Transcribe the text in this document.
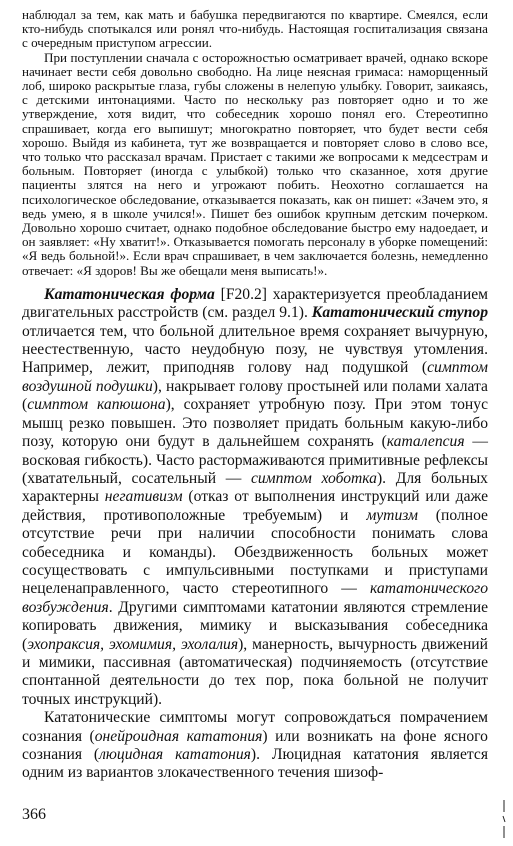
наблюдал за тем, как мать и бабушка передвигаются по квартире. Смеялся, если кто-нибудь спотыкался или ронял что-нибудь. Настоящая госпитализация связана с очередным приступом агрессии.

При поступлении сначала с осторожностью осматривает врачей, однако вскоре начинает вести себя довольно свободно. На лице неясная гримаса: наморщенный лоб, широко раскрытые глаза, губы сложены в нелепую улыбку. Говорит, заикаясь, с детскими интонациями. Часто по нескольку раз повторяет одно и то же утверждение, хотя видит, что собеседник хорошо понял его. Стереотипно спрашивает, когда его выпишут; многократно повторяет, что будет вести себя хорошо. Выйдя из кабинета, тут же возвращается и повторяет слово в слово все, что только что рассказал врачам. Пристает с такими же вопросами к медсестрам и больным. Повторяет (иногда с улыбкой) только что сказанное, хотя другие пациенты злятся на него и угрожают побить. Неохотно соглашается на психологическое обследование, отказывается показать, как он пишет: «Зачем это, я ведь умею, я в школе учился!». Пишет без ошибок крупным детским почерком. Довольно хорошо считает, однако подобное обследование быстро ему надоедает, и он заявляет: «Ну хватит!». Отказывается помогать персоналу в уборке помещений: «Я ведь больной!». Если врач спрашивает, в чем заключается болезнь, немедленно отвечает: «Я здоров! Вы же обещали меня выписать!».

Кататоническая форма [F20.2] характеризуется преобладанием двигательных расстройств (см. раздел 9.1). Кататонический ступор отличается тем, что больной длительное время сохраняет вычурную, неестественную, часто неудобную позу, не чувствуя утомления. Например, лежит, приподняв голову над подушкой (симптом воздушной подушки), накрывает голову простыней или полами халата (симптом капюшона), сохраняет утробную позу. При этом тонус мышц резко повышен. Это позволяет придать больным какую-либо позу, которую они будут в дальнейшем сохранять (каталепсия — восковая гибкость). Часто растормаживаются примитивные рефлексы (хватательный, сосательный — симптом хоботка). Для больных характерны негативизм (отказ от выполнения инструкций или даже действия, противоположные требуемым) и мутизм (полное отсутствие речи при наличии способности понимать слова собеседника и команды). Обездвиженность больных может сосуществовать с импульсивными поступками и приступами нецеленаправленного, часто стереотипного — кататонического возбуждения. Другими симптомами кататонии являются стремление копировать движения, мимику и высказывания собеседника (эхопраксия, эхомимия, эхолалия), манерность, вычурность движений и мимики, пассивная (автоматическая) подчиняемость (отсутствие спонтанной деятельности до тех пор, пока больной не получит точных инструкций).

Кататонические симптомы могут сопровождаться помрачением сознания (онейроидная кататония) или возникать на фоне ясного сознания (люцидная кататония). Люцидная кататония является одним из вариантов злокачественного течения шизоф-

366
